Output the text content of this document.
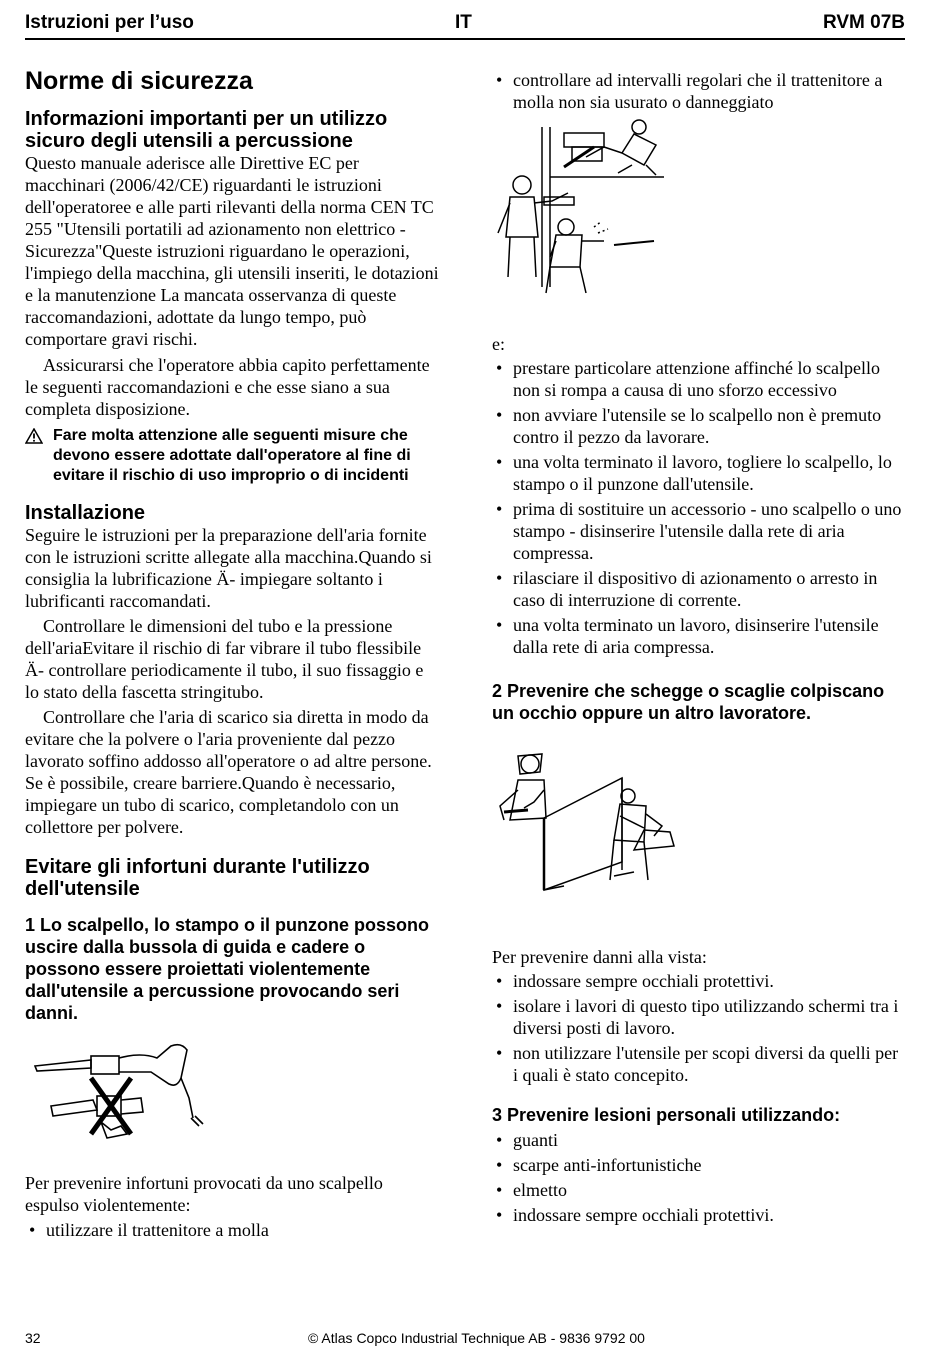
Istruzioni per l’uso	IT	RVM 07B
Norme di sicurezza
Informazioni importanti per un utilizzo sicuro degli utensili a percussione

Questo manuale aderisce alle Direttive EC per macchinari (2006/42/CE) riguardanti le istruzioni dell'operatoree e alle parti rilevanti della norma CEN TC 255 "Utensili portatili ad azionamento non elettrico - Sicurezza"Queste istruzioni riguardano le operazioni, l'impiego della macchina, gli utensili inseriti, le dotazioni e la manutenzione La mancata osservanza di queste raccomandazioni, adottate da lungo tempo, può comportare gravi rischi.

Assicurarsi che l'operatore abbia capito perfettamente le seguenti raccomandazioni e che esse siano a sua completa disposizione.

Fare molta attenzione alle seguenti misure che devono essere adottate dall'operatore al fine di evitare il rischio di uso improprio o di incidenti

Installazione

Seguire le istruzioni per la preparazione dell'aria fornite con le istruzioni scritte allegate alla macchina.Quando si consiglia la lubrificazione Ä- impiegare soltanto i lubrificanti raccomandati.

Controllare le dimensioni del tubo e la pressione dell'ariaEvitare il rischio di far vibrare il tubo flessibile Ä- controllare periodicamente il tubo, il suo fissaggio e lo stato della fascetta stringitubo.

Controllare che l'aria di scarico sia diretta in modo da evitare che la polvere o l'aria proveniente dal pezzo lavorato soffino addosso all'operatore o ad altre persone. Se è possibile, creare barriere.Quando è necessario, impiegare un tubo di scarico, completandolo con un collettore per polvere.

Evitare gli infortuni durante l'utilizzo dell'utensile
1 Lo scalpello, lo stampo o il punzone possono uscire dalla bussola di guida e cadere o possono essere proiettati violentemente dall'utensile a percussione provocando seri danni.

Per prevenire infortuni provocati da uno scalpello espulso violentemente:

• utilizzare il trattenitore a molla
• controllare ad intervalli regolari che il trattenitore a molla non sia usurato o danneggiato

e:

• prestare particolare attenzione affinché lo scalpello non si rompa a causa di uno sforzo eccessivo
• non avviare l'utensile se lo scalpello non è premuto contro il pezzo da lavorare.
• una volta terminato il lavoro, togliere lo scalpello, lo stampo o il punzone dall'utensile.
• prima di sostituire un accessorio - uno scalpello o uno stampo - disinserire l'utensile dalla rete di aria compressa.
• rilasciare il dispositivo di azionamento o arresto in caso di interruzione di corrente.
• una volta terminato un lavoro, disinserire l'utensile dalla rete di aria compressa.
2 Prevenire che schegge o scaglie colpiscano un occhio oppure un altro lavoratore.

Per prevenire danni alla vista:

• indossare sempre occhiali protettivi.
• isolare i lavori di questo tipo utilizzando schermi tra i diversi posti di lavoro.
• non utilizzare l'utensile per scopi diversi da quelli per i quali è stato concepito.
3 Prevenire lesioni personali utilizzando:
• guanti
• scarpe anti-infortunistiche
• elmetto
• indossare sempre occhiali protettivi.
32	© Atlas Copco Industrial Technique AB - 9836 9792 00
